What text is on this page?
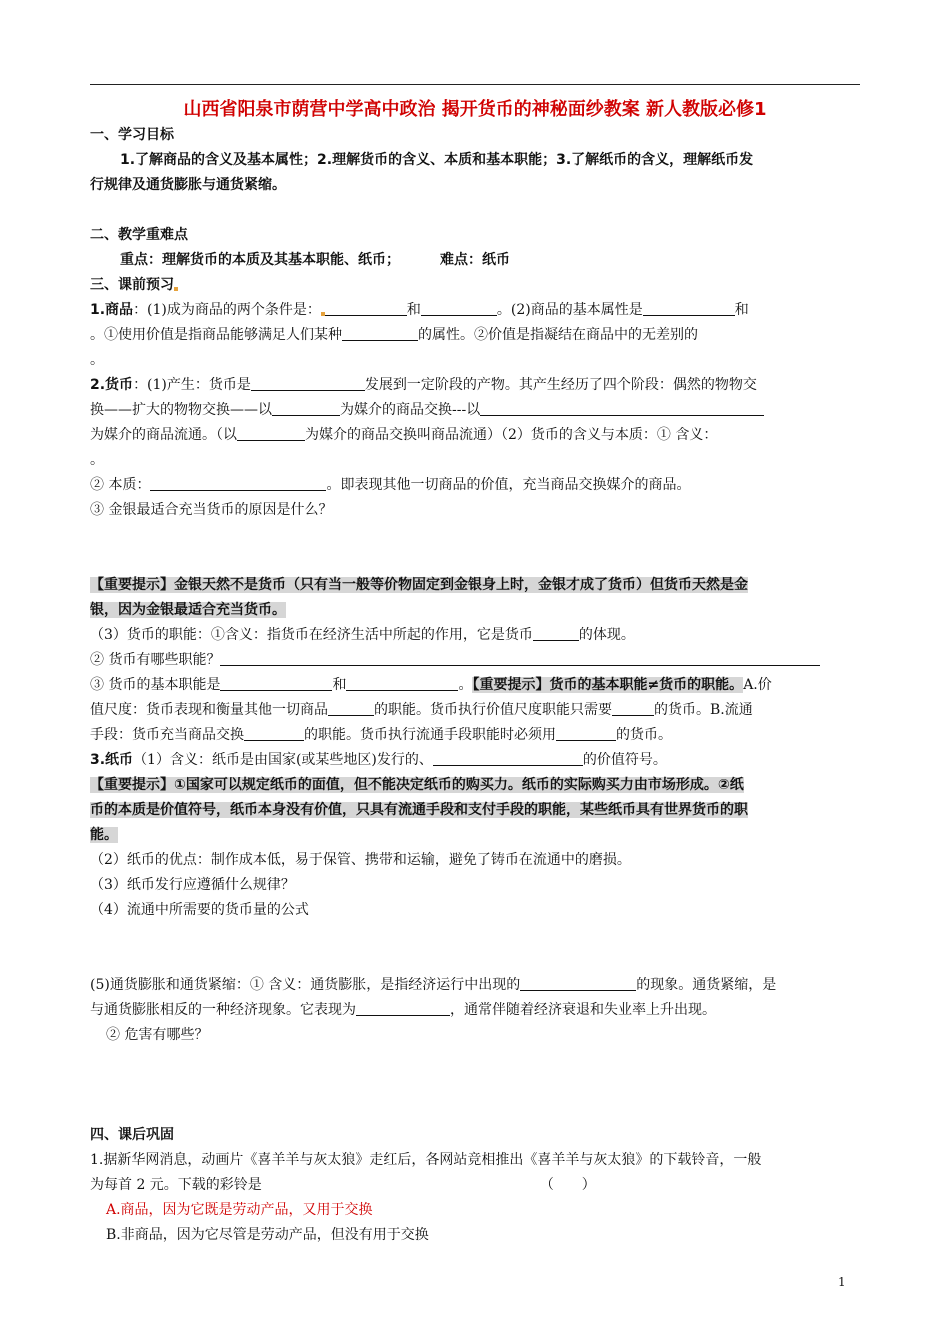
山西省阳泉市荫营中学高中政治 揭开货币的神秘面纱教案 新人教版必修1
一、学习目标
1.了解商品的含义及基本属性；2.理解货币的含义、本质和基本职能；3.了解纸币的含义，理解纸币发
行规律及通货膨胀与通货紧缩。
二、教学重难点
重点：理解货币的本质及其基本职能、纸币；	难点：纸币
三、课前预习
1.商品：(1)成为商品的两个条件是：	和	。(2)商品的基本属性是	和
。①使用价值是指商品能够满足人们某种	的属性。②价值是指凝结在商品中的无差别的
。
2.货币：(1)产生：货币是	发展到一定阶段的产物。其产生经历了四个阶段：偶然的物物交
换——扩大的物物交换——以	为媒介的商品交换---以
为媒介的商品流通。（以	为媒介的商品交换叫商品流通）（2）货币的含义与本质：① 含义：
。
② 本质：	。即表现其他一切商品的价值，充当商品交换媒介的商品。
③ 金银最适合充当货币的原因是什么？
【重要提示】金银天然不是货币（只有当一般等价物固定到金银身上时，金银才成了货币）但货币天然是金
银，因为金银最适合充当货币。
（3）货币的职能：①含义：指货币在经济生活中所起的作用，它是货币	的体现。
② 货币有哪些职能？
③ 货币的基本职能是	和	。【重要提示】货币的基本职能≠货币的职能。A.价
值尺度：货币表现和衡量其他一切商品	的职能。货币执行价值尺度职能只需要	的货币。B.流通
手段：货币充当商品交换	的职能。货币执行流通手段职能时必须用	的货币。
3.纸币（1）含义：纸币是由国家(或某些地区)发行的、	的价值符号。
【重要提示】①国家可以规定纸币的面值，但不能决定纸币的购买力。纸币的实际购买力由市场形成。②纸
币的本质是价值符号，纸币本身没有价值，只具有流通手段和支付手段的职能，某些纸币具有世界货币的职
能。
（2）纸币的优点：制作成本低，易于保管、携带和运输，避免了铸币在流通中的磨损。
（3）纸币发行应遵循什么规律？
（4）流通中所需要的货币量的公式
(5)通货膨胀和通货紧缩：① 含义：通货膨胀，是指经济运行中出现的	的现象。通货紧缩，是
与通货膨胀相反的一种经济现象。它表现为	，通常伴随着经济衰退和失业率上升出现。
② 危害有哪些？
四、课后巩固
1.据新华网消息，动画片《喜羊羊与灰太狼》走红后，各网站竞相推出《喜羊羊与灰太狼》的下载铃音，一般
为每首 2 元。下载的彩铃是	（　　）
A.商品，因为它既是劳动产品，又用于交换
B.非商品，因为它尽管是劳动产品，但没有用于交换
1
